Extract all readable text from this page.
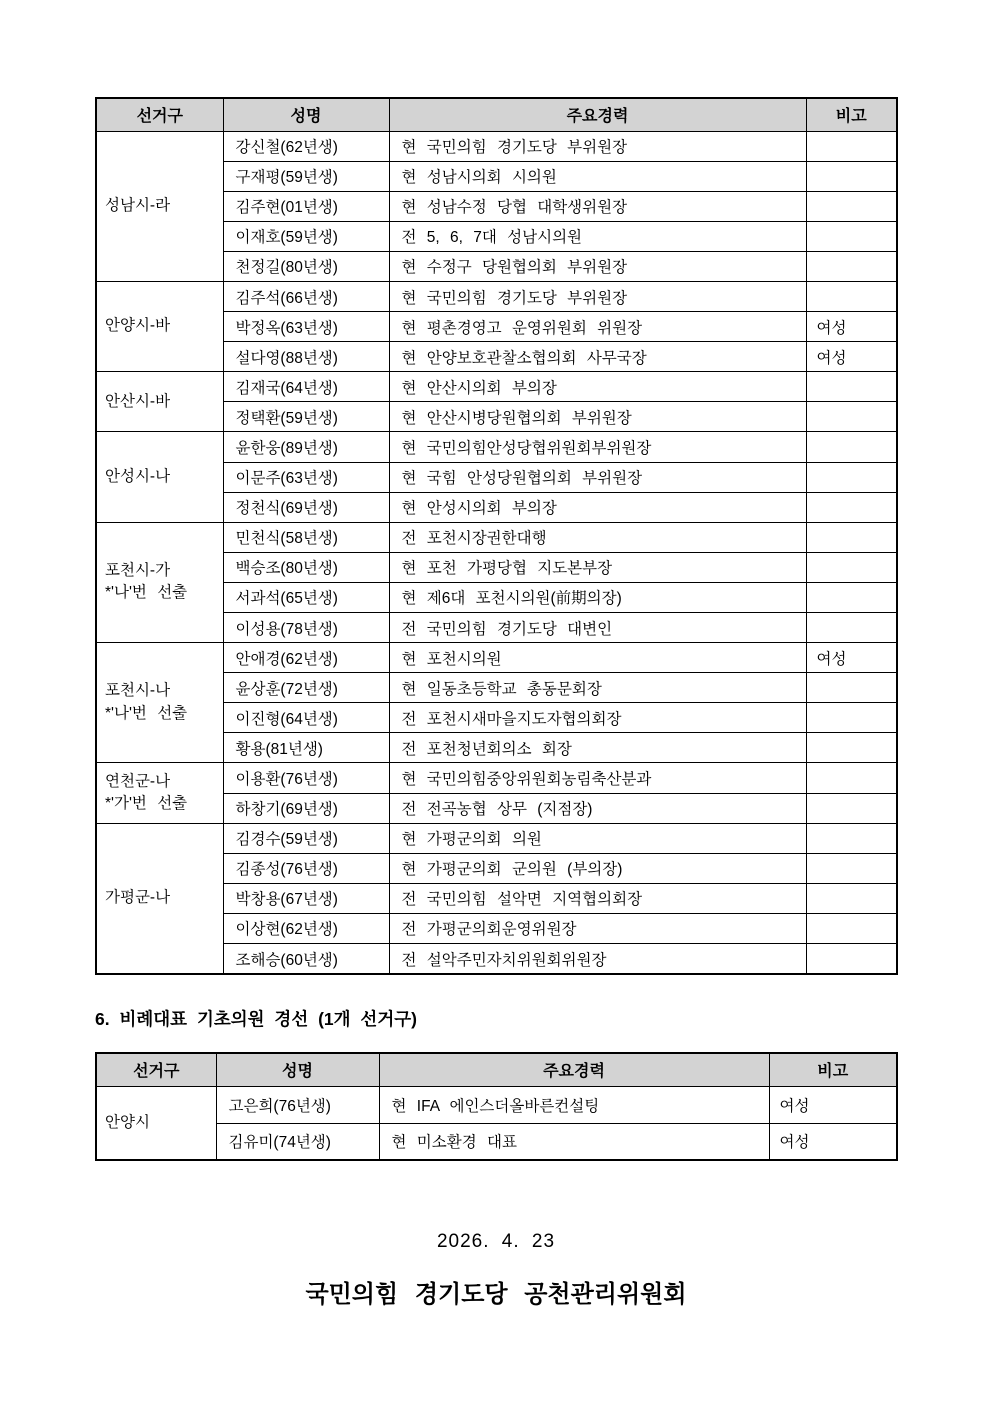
선거구	성명	주요경력	비고

성남시-라	강신철(62년생)	현 국민의힘 경기도당 부위원장	
	구재평(59년생)	현 성남시의회 시의원	
	김주현(01년생)	현 성남수정 당협 대학생위원장	
	이재호(59년생)	전 5, 6, 7대 성남시의원	
	천정길(80년생)	현 수정구 당원협의회 부위원장	

안양시-바	김주석(66년생)	현 국민의힘 경기도당 부위원장	
	박정옥(63년생)	현 평촌경영고 운영위원회 위원장	여성
	설다영(88년생)	현 안양보호관찰소협의회 사무국장	여성

안산시-바	김재국(64년생)	현 안산시의회 부의장	
	정택환(59년생)	현 안산시병당원협의회 부위원장	

안성시-나	윤한웅(89년생)	현 국민의힘안성당협위원회부위원장	
	이문주(63년생)	현 국힘 안성당원협의회 부위원장	
	정천식(69년생)	현 안성시의회 부의장	

포천시-가
*'나'번 선출	민천식(58년생)	전 포천시장권한대행	
	백승조(80년생)	현 포천 가평당협 지도본부장	
	서과석(65년생)	현 제6대 포천시의원(前期의장)	
	이성용(78년생)	전 국민의힘 경기도당 대변인	

포천시-나
*'나'번 선출	안애경(62년생)	현 포천시의원	여성
	윤상훈(72년생)	현 일동초등학교 총동문회장	
	이진형(64년생)	전 포천시새마을지도자협의회장	
	황용(81년생)	전 포천청년회의소 회장	

연천군-나
*'가'번 선출	이용환(76년생)	현 국민의힘중앙위원회농림축산분과	
	하창기(69년생)	전 전곡농협 상무 (지점장)	

가평군-나	김경수(59년생)	현 가평군의회 의원	
	김종성(76년생)	현 가평군의회 군의원 (부의장)	
	박창용(67년생)	전 국민의힘 설악면 지역협의회장	
	이상현(62년생)	전 가평군의회운영위원장	
	조해승(60년생)	전 설악주민자치위원회위원장	
6. 비례대표 기초의원 경선 (1개 선거구)
선거구	성명	주요경력	비고

안양시	고은희(76년생)	현 IFA 에인스더올바른컨설팅	여성
	김유미(74년생)	현 미소환경 대표	여성
2026. 4. 23
국민의힘 경기도당 공천관리위원회
